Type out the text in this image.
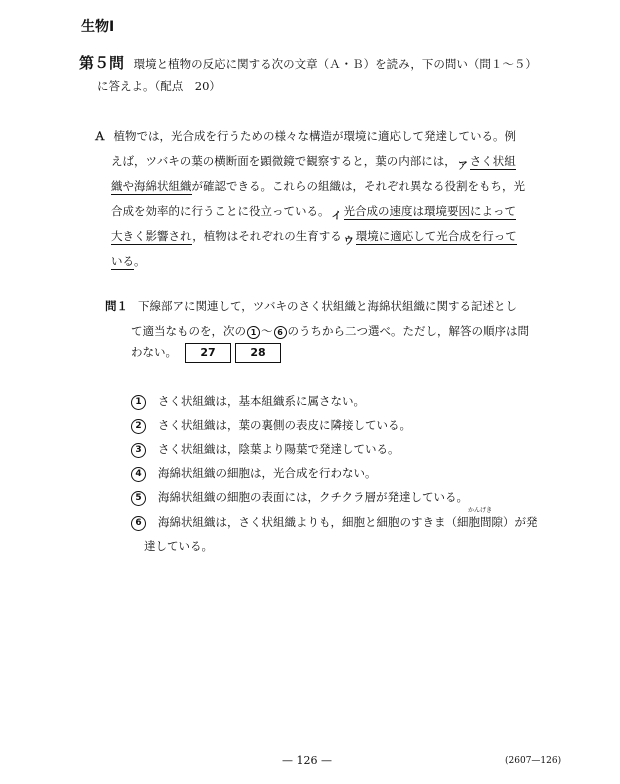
生物Ⅰ
第５問 環境と植物の反応に関する次の文章（Ａ・Ｂ）を読み，下の問い（問１～５）
に答えよ。（配点　20）
Ａ 植物では，光合成を行うための様々な構造が環境に適応して発達している。例
えば，ツバキの葉の横断面を顕微鏡で観察すると，葉の内部には， ア さく状組
織や海綿状組織が確認できる。これらの組織は，それぞれ異なる役割をもち，光
合成を効率的に行うことに役立っている。 イ 光合成の速度は環境要因によって
大きく影響され，植物はそれぞれの生育する ウ 環境に適応して光合成を行って
いる。
問１ 下線部アに関連して，ツバキのさく状組織と海綿状組織に関する記述とし
て適当なものを，次の 1 ～ 6 のうちから二つ選べ。ただし，解答の順序は問
わない。 27	28
1 さく状組織は，基本組織系に属さない。
2 さく状組織は，葉の裏側の表皮に隣接している。
3 さく状組織は，陰葉より陽葉で発達している。
4 海綿状組織の細胞は，光合成を行わない。
5 海綿状組織の細胞の表面には，クチクラ層が発達している。
6 海綿状組織は，さく状組織よりも，細胞と細胞のすきま（
かんげき
細胞間隙）が発
達している。
— 126 —	(2607—126)
